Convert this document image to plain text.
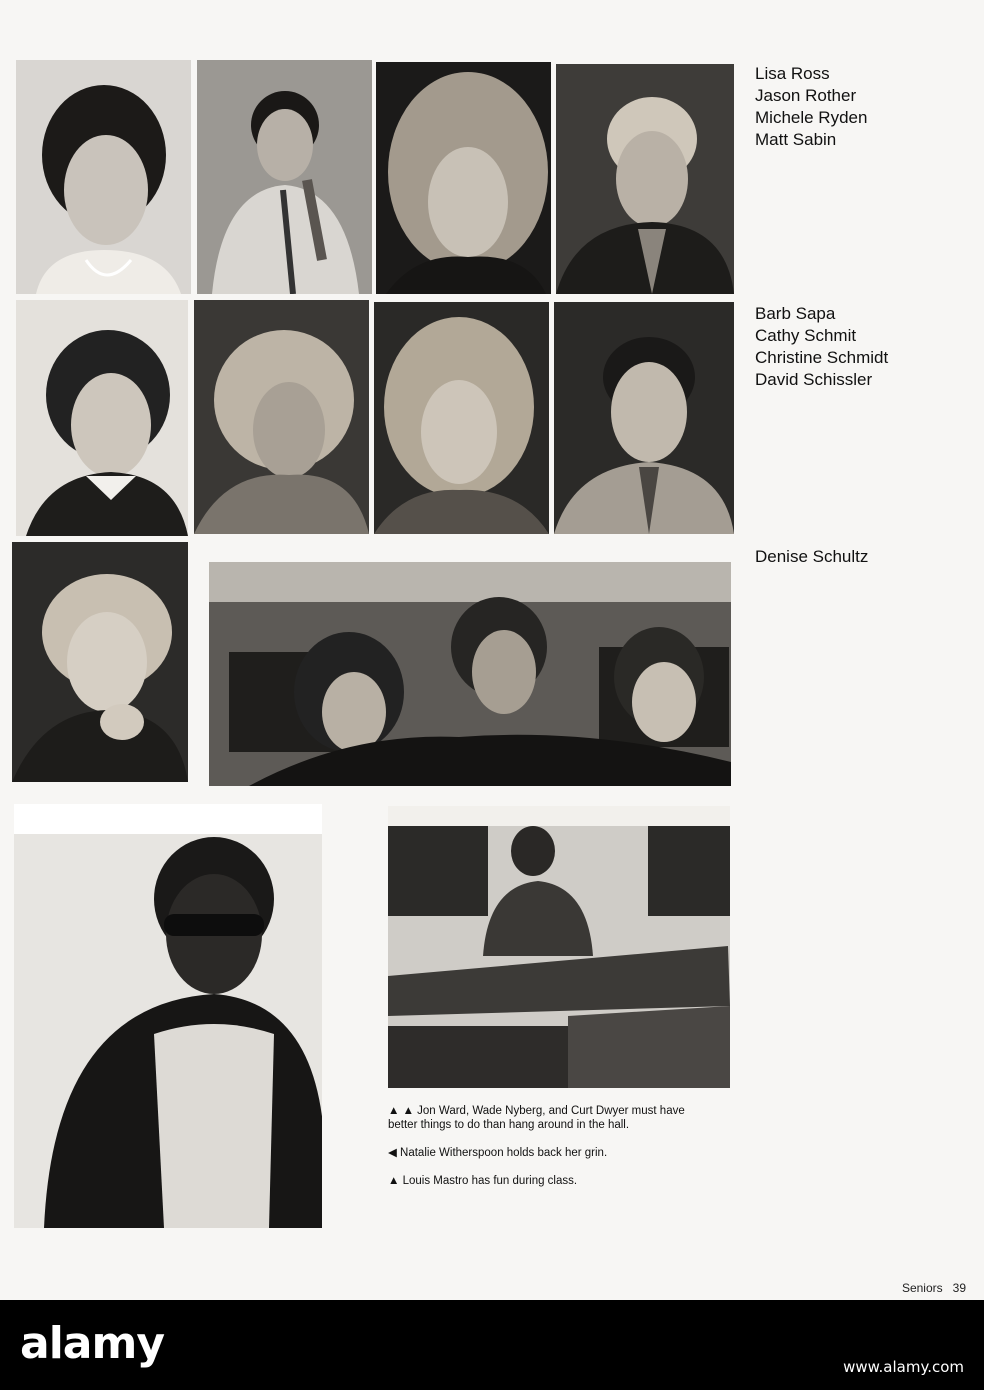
Lisa Ross
Jason Rother
Michele Ryden
Matt Sabin
Barb Sapa
Cathy Schmit
Christine Schmidt
David Schissler
Denise Schultz

▲ ▲ Jon Ward, Wade Nyberg, and Curt Dwyer must have better things to do than hang around in the hall.

◀ Natalie Witherspoon holds back her grin.

▲ Louis Mastro has fun during class.

Seniors 39
alamy	www.alamy.com
